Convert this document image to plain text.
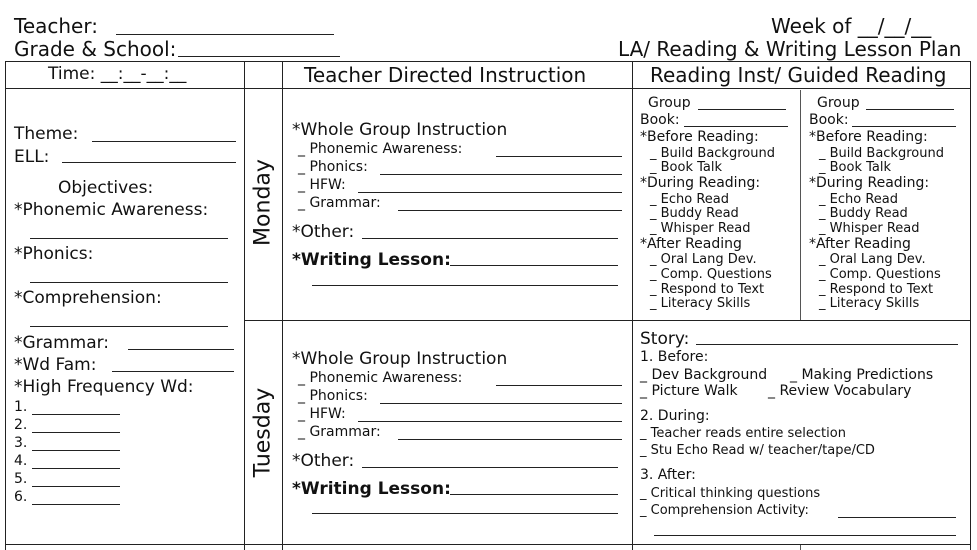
Teacher:
Grade & School:
Week of __/__/__
LA/ Reading & Writing Lesson Plan
Time: __:__-__:__	Teacher Directed Instruction	Reading Inst/ Guided Reading
Theme:
ELL:
Objectives:
*Phonemic Awareness:
*Phonics:
*Comprehension:
*Grammar:
*Wd Fam:
*High Frequency Wd:
1.
2.
3.
4.
5.
6.
Monday
Tuesday
*Whole Group Instruction
_ Phonemic Awareness:
_ Phonics:
_ HFW:
_ Grammar:
*Other:
*Writing Lesson:
*Whole Group Instruction
_ Phonemic Awareness:
_ Phonics:
_ HFW:
_ Grammar:
*Other:
*Writing Lesson:
Group
Book:
*Before Reading:
_ Build Background
_ Book Talk
*During Reading:
_ Echo Read
_ Buddy Read
_ Whisper Read
*After Reading
_ Oral Lang Dev.
_ Comp. Questions
_ Respond to Text
_ Literacy Skills
Group
Book:
*Before Reading:
_ Build Background
_ Book Talk
*During Reading:
_ Echo Read
_ Buddy Read
_ Whisper Read
*After Reading
_ Oral Lang Dev.
_ Comp. Questions
_ Respond to Text
_ Literacy Skills
Story:
1. Before:
_ Dev Background _ Making Predictions
_ Picture Walk _ Review Vocabulary
2. During:
_ Teacher reads entire selection
_ Stu Echo Read w/ teacher/tape/CD
3. After:
_ Critical thinking questions
_ Comprehension Activity:
